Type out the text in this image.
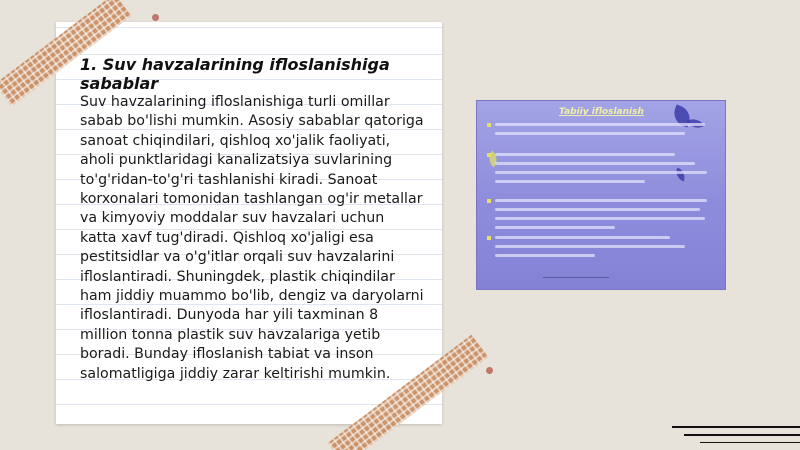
1. Suv havzalarining ifloslanishiga sabablar

Suv havzalarining ifloslanishiga turli omillar sabab bo'lishi mumkin. Asosiy sabablar qatoriga sanoat chiqindilari, qishloq xo'jalik faoliyati, aholi punktlaridagi kanalizatsiya suvlarining to'g'ridan-to'g'ri tashlanishi kiradi. Sanoat korxonalari tomonidan tashlangan og'ir metallar va kimyoviy moddalar suv havzalari uchun katta xavf tug'diradi. Qishloq xo'jaligi esa pestitsidlar va o'g'itlar orqali suv havzalarini ifloslantiradi. Shuningdek, plastik chiqindilar ham jiddiy muammo bo'lib, dengiz va daryolarni ifloslantiradi. Dunyoda har yili taxminan 8 million tonna plastik suv havzalariga yetib boradi. Bunday ifloslanish tabiat va inson salomatligiga jiddiy zarar keltirishi mumkin.

Tabiiy ifloslanish
